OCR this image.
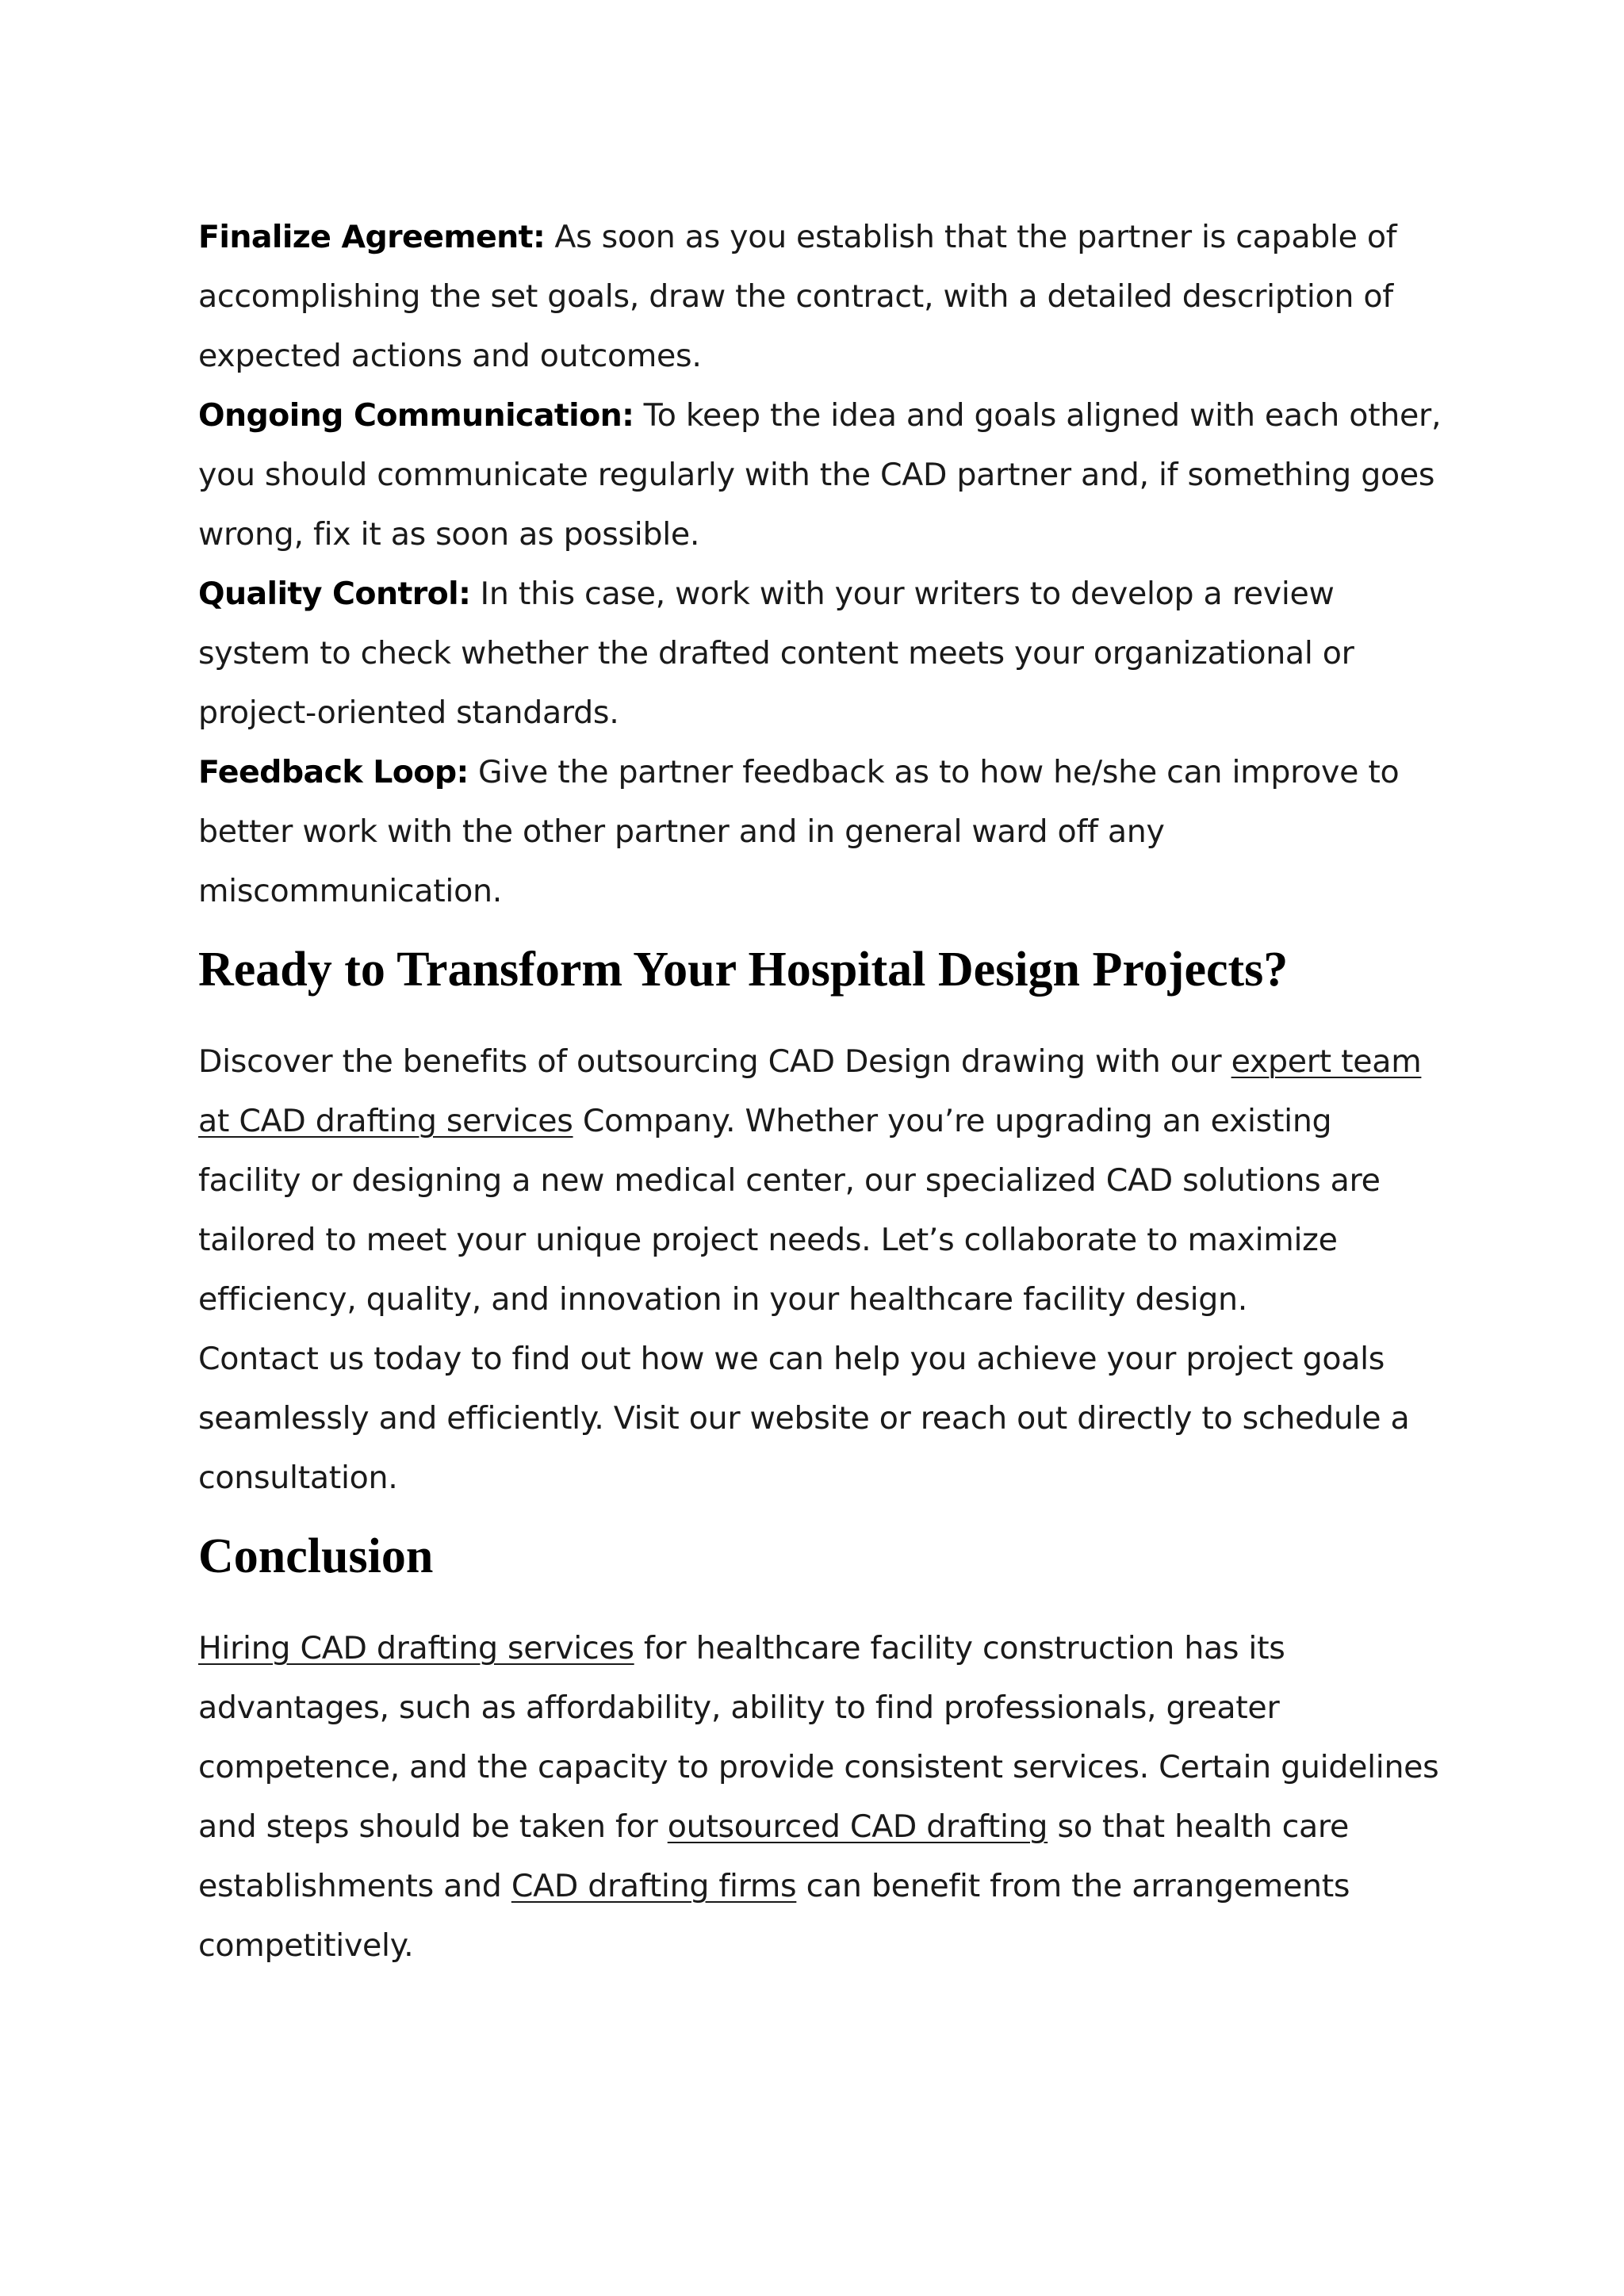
Finalize Agreement: As soon as you establish that the partner is capable of accomplishing the set goals, draw the contract, with a detailed description of expected actions and outcomes.

Ongoing Communication: To keep the idea and goals aligned with each other, you should communicate regularly with the CAD partner and, if something goes wrong, fix it as soon as possible.

Quality Control: In this case, work with your writers to develop a review system to check whether the drafted content meets your organizational or project-oriented standards.

Feedback Loop: Give the partner feedback as to how he/she can improve to better work with the other partner and in general ward off any miscommunication.

Ready to Transform Your Hospital Design Projects?

Discover the benefits of outsourcing CAD Design drawing with our expert team at CAD drafting services Company. Whether you’re upgrading an existing facility or designing a new medical center, our specialized CAD solutions are tailored to meet your unique project needs. Let’s collaborate to maximize efficiency, quality, and innovation in your healthcare facility design.

Contact us today to find out how we can help you achieve your project goals seamlessly and efficiently. Visit our website or reach out directly to schedule a consultation.

Conclusion

Hiring CAD drafting services for healthcare facility construction has its advantages, such as affordability, ability to find professionals, greater competence, and the capacity to provide consistent services. Certain guidelines and steps should be taken for outsourced CAD drafting so that health care establishments and CAD drafting firms can benefit from the arrangements competitively.
